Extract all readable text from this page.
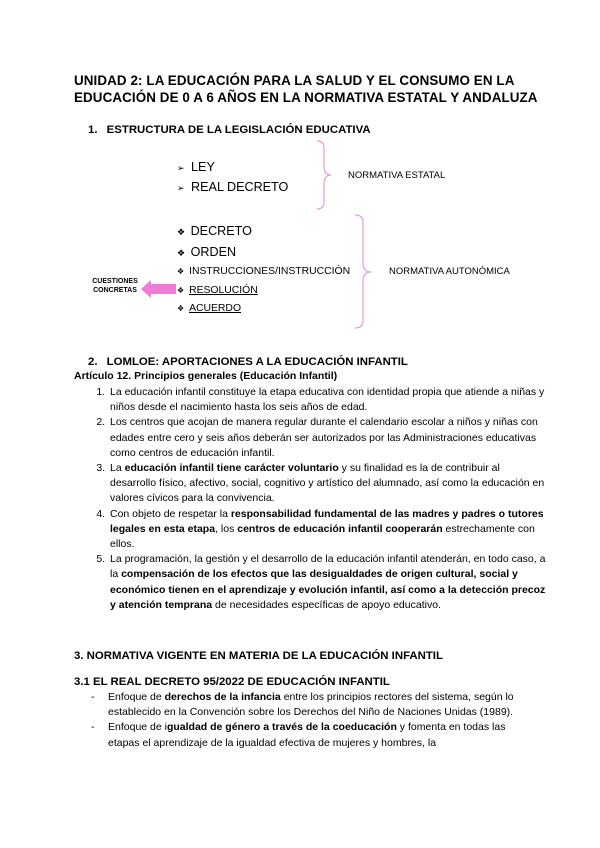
UNIDAD 2: LA EDUCACIÓN PARA LA SALUD Y EL CONSUMO EN LA EDUCACIÓN DE 0 A 6 AÑOS EN LA NORMATIVA ESTATAL Y ANDALUZA
1. ESTRUCTURA DE LA LEGISLACIÓN EDUCATIVA
➢ LEY
➢ REAL DECRETO
❖ DECRETO
❖ ORDEN
❖ INSTRUCCIONES/INSTRUCCIÓN
❖ RESOLUCIÓN
❖ ACUERDO
NORMATIVA ESTATAL
NORMATIVA AUTONÓMICA
CUESTIONES
CONCRETAS
2. LOMLOE: APORTACIONES A LA EDUCACIÓN INFANTIL
Artículo 12. Principios generales (Educación Infantil)
1. La educación infantil constituye la etapa educativa con identidad propia que atiende a niñas y niños desde el nacimiento hasta los seis años de edad.
2. Los centros que acojan de manera regular durante el calendario escolar a niños y niñas con edades entre cero y seis años deberán ser autorizados por las Administraciones educativas como centros de educación infantil.
3. La educación infantil tiene carácter voluntario y su finalidad es la de contribuir al desarrollo físico, afectivo, social, cognitivo y artístico del alumnado, así como la educación en valores cívicos para la convivencia.
4. Con objeto de respetar la responsabilidad fundamental de las madres y padres o tutores legales en esta etapa, los centros de educación infantil cooperarán estrechamente con ellos.
5. La programación, la gestión y el desarrollo de la educación infantil atenderán, en todo caso, a la compensación de los efectos que las desigualdades de origen cultural, social y económico tienen en el aprendizaje y evolución infantil, así como a la detección precoz y atención temprana de necesidades específicas de apoyo educativo.
3. NORMATIVA VIGENTE EN MATERIA DE LA EDUCACIÓN INFANTIL
3.1 EL REAL DECRETO 95/2022 DE EDUCACIÓN INFANTIL
- Enfoque de derechos de la infancia entre los principios rectores del sistema, según lo establecido en la Convención sobre los Derechos del Niño de Naciones Unidas (1989).
- Enfoque de igualdad de género a través de la coeducación y fomenta en todas las etapas el aprendizaje de la igualdad efectiva de mujeres y hombres, la
